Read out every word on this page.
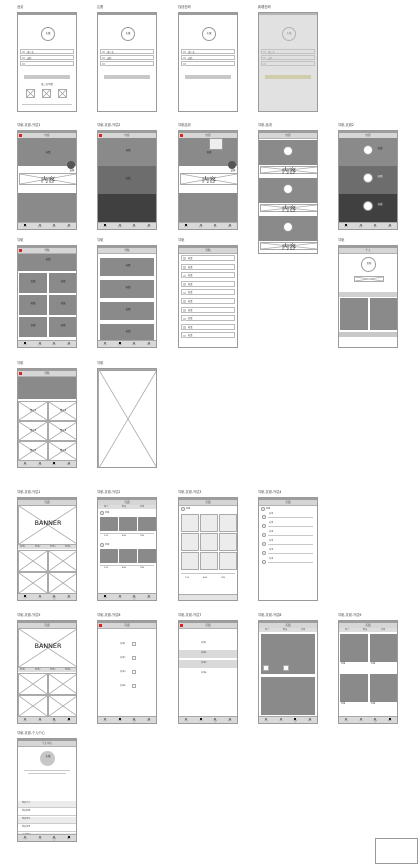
登录	注册	找回密码	新增密码
头像
用户名
密码
第三方登录
头像
用户名
密码
头像
用户名
密码
导航-页面-外层1	导航-页面-外层2	导航选项	导航-选项	导航-页面2
内容
标题
内容
选择
首页	发现	消息	我的
内容
标题
标题
首页	发现	消息	我的
内容
标题
内容
选择
首页	发现	消息	我的
内容
内容
内容
内容
内容
标题
标题
标题
首页	发现	消息	我的
导航	导航	导航	导航
导航
标题
标题	标题
标题	标题
标题	标题
首页	发现	消息	我的
导航
标题
标题
标题
标题
首页	发现	消息	我的
导航
标题
标题
标题
标题
标题
标题
标题
标题
标题
标题
个人
名称
导航	导航
导航
图片1	图片2
图片3	图片4
图片5	图片6
首页	发现	消息	我的
导航-页面-外层1	导航-页面-外层2	导航-页面-外层3	导航-页面-外层4
页面
BANNER
标签1	标签2	标签3	标签4
首页	分类	购物车
我的
页面
综合	销量	价格
标题
123	456	789
标题
123	456	789
首页	分类	购物车
我的
页面
标题
123	456	789
页面
标题
选项
选项
选项
选项
选项
选项
导航-页面-外层5	导航-页面-外层6	导航-页面-外层7	导航-页面-外层8	导航-页面-外层9
页面
BANNER
标签1	标签2	标签3	标签4
首页	分类	购物车
我的
页面
选项1
选项2
选项3
选项4
首页	分类	购物车
我的
页面
选项1
选项2
选项3
选项4
首页	分类	购物车
我的
页面
综合	销量	价格
首页	分类	购物车
我的
页面
综合	销量	价格
标题	标题
标题	标题
首页	分类	购物车
我的
导航-页面-个人中心
个人中心
头像
我的订单
我的收藏
我的地址
我的设置
首页	分类	购物车
我的
